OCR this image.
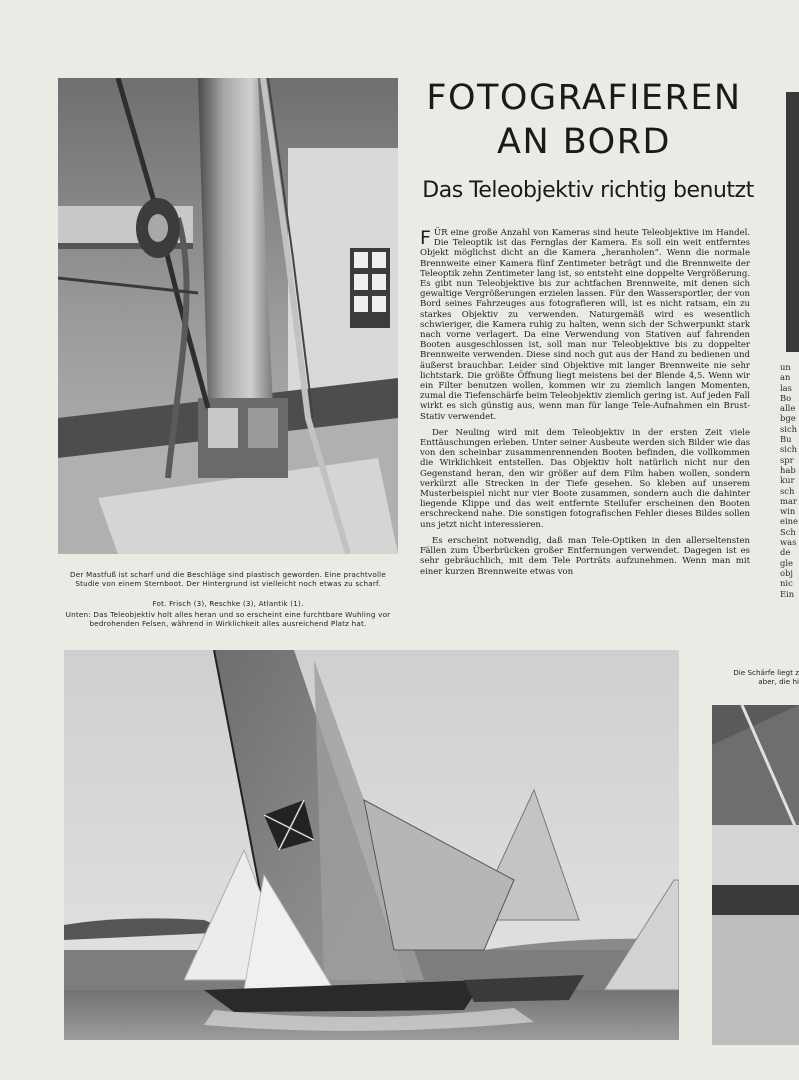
Der Mastfuß ist scharf und die Beschläge sind plastisch geworden. Eine prachtvolle Studie von einem Sternboot. Der Hintergrund ist vielleicht noch etwas zu scharf.
Fot. Frisch (3), Reschke (3), Atlantik (1).
Unten: Das Teleobjektiv holt alles heran und so erscheint eine furchtbare Wuhling vor bedrohenden Felsen, während in Wirklichkeit alles ausreichend Platz hat.
FOTOGRAFIEREN
AN BORD
Das Teleobjektiv richtig benutzt

FÜR eine große Anzahl von Kameras sind heute Teleobjektive im Handel. Die Teleoptik ist das Fernglas der Kamera. Es soll ein weit entferntes Objekt möglichst dicht an die Kamera „heranholen“. Wenn die normale Brennweite einer Kamera fünf Zentimeter beträgt und die Brennweite der Teleoptik zehn Zentimeter lang ist, so entsteht eine doppelte Vergrößerung. Es gibt nun Teleobjektive bis zur achtfachen Brennweite, mit denen sich gewaltige Vergrößerungen erzielen lassen. Für den Wassersportler, der von Bord seines Fahrzeuges aus fotografieren will, ist es nicht ratsam, ein zu starkes Objektiv zu verwenden. Naturgemäß wird es wesentlich schwieriger, die Kamera ruhig zu halten, wenn sich der Schwerpunkt stark nach vorne verlagert. Da eine Verwendung von Stativen auf fahrenden Booten ausgeschlossen ist, soll man nur Teleobjektive bis zu doppelter Brennweite verwenden. Diese sind noch gut aus der Hand zu bedienen und äußerst brauchbar. Leider sind Objektive mit langer Brennweite nie sehr lichtstark. Die größte Öffnung liegt meistens bei der Blende 4,5. Wenn wir ein Filter benutzen wollen, kommen wir zu ziemlich langen Momenten, zumal die Tiefenschärfe beim Teleobjektiv ziemlich gering ist. Auf jeden Fall wirkt es sich günstig aus, wenn man für lange Tele-Aufnahmen ein Brust-Stativ verwendet.

Der Neuling wird mit dem Teleobjektiv in der ersten Zeit viele Enttäuschungen erleben. Unter seiner Ausbeute werden sich Bilder wie das von den scheinbar zusammenrennenden Booten befinden, die vollkommen die Wirklichkeit entstellen. Das Objektiv holt natürlich nicht nur den Gegenstand heran, den wir größer auf dem Film haben wollen, sondern verkürzt alle Strecken in der Tiefe gesehen. So kleben auf unserem Musterbeispiel nicht nur vier Boote zusammen, sondern auch die dahinter liegende Klippe und das weit entfernte Steilufer erscheinen den Booten erschreckend nahe. Die sonstigen fotografischen Fehler dieses Bildes sollen uns jetzt nicht interessieren.

Es erscheint notwendig, daß man Tele-Optiken in den allerseltensten Fällen zum Überbrücken großer Entfernungen verwendet. Dagegen ist es sehr gebräuchlich, mit dem Tele Porträts aufzunehmen. Wenn man mit einer kurzen Brennweite etwas von

un
an
las
Bo
alle
bge
sich
Bu
sich
spr
hab
kur
sch
mar
win
eine
Sch
was
de
gle
obj
nic
Ein
Die Schärfe liegt z
aber, die hi
